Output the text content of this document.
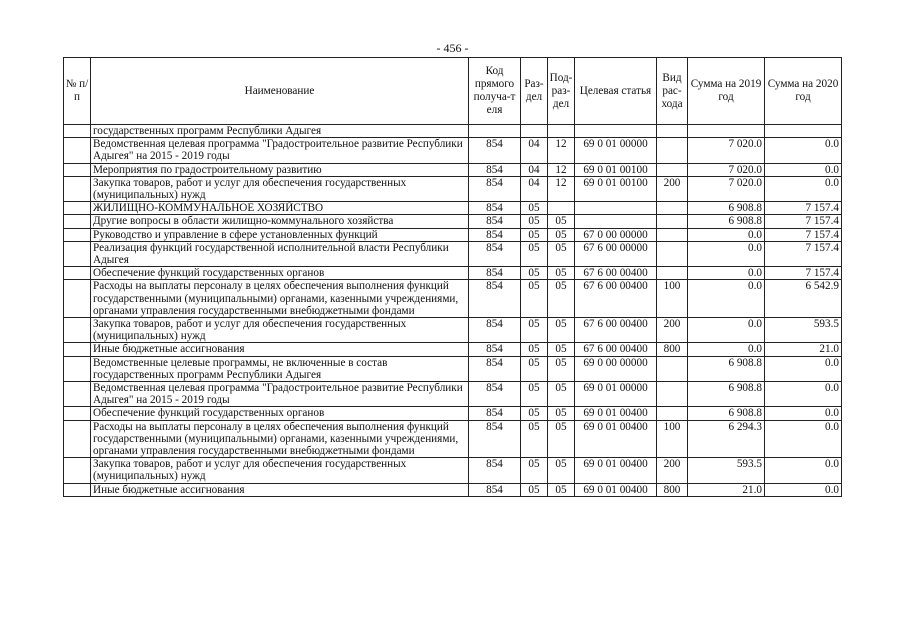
- 456 -
№ п/п	Наименование	Код прямого получа-т еля	Раз- дел	Под- раз- дел	Целевая статья	Вид рас- хода	Сумма на 2019 год	Сумма на 2020 год
	государственных программ Республики Адыгея							
	Ведомственная целевая программа "Градостроительное развитие Республики Адыгея" на 2015 - 2019 годы	854	04	12	69 0 01 00000		7 020.0	0.0
	Мероприятия по градостроительному развитию	854	04	12	69 0 01 00100		7 020.0	0.0
	Закупка товаров, работ и услуг для обеспечения государственных (муниципальных) нужд	854	04	12	69 0 01 00100	200	7 020.0	0.0
	ЖИЛИЩНО-КОММУНАЛЬНОЕ ХОЗЯЙСТВО	854	05				6 908.8	7 157.4
	Другие вопросы в области жилищно-коммунального хозяйства	854	05	05			6 908.8	7 157.4
	Руководство и управление в сфере установленных функций	854	05	05	67 0 00 00000		0.0	7 157.4
	Реализация функций государственной исполнительной власти Республики Адыгея	854	05	05	67 6 00 00000		0.0	7 157.4
	Обеспечение функций государственных органов	854	05	05	67 6 00 00400		0.0	7 157.4
	Расходы на выплаты персоналу в целях обеспечения выполнения функций государственными (муниципальными) органами, казенными учреждениями, органами управления государственными внебюджетными фондами	854	05	05	67 6 00 00400	100	0.0	6 542.9
	Закупка товаров, работ и услуг для обеспечения государственных (муниципальных) нужд	854	05	05	67 6 00 00400	200	0.0	593.5
	Иные бюджетные ассигнования	854	05	05	67 6 00 00400	800	0.0	21.0
	Ведомственные целевые программы, не включенные в состав государственных программ Республики Адыгея	854	05	05	69 0 00 00000		6 908.8	0.0
	Ведомственная целевая программа "Градостроительное развитие Республики Адыгея" на 2015 - 2019 годы	854	05	05	69 0 01 00000		6 908.8	0.0
	Обеспечение функций государственных органов	854	05	05	69 0 01 00400		6 908.8	0.0
	Расходы на выплаты персоналу в целях обеспечения выполнения функций государственными (муниципальными) органами, казенными учреждениями, органами управления государственными внебюджетными фондами	854	05	05	69 0 01 00400	100	6 294.3	0.0
	Закупка товаров, работ и услуг для обеспечения государственных (муниципальных) нужд	854	05	05	69 0 01 00400	200	593.5	0.0
	Иные бюджетные ассигнования	854	05	05	69 0 01 00400	800	21.0	0.0
